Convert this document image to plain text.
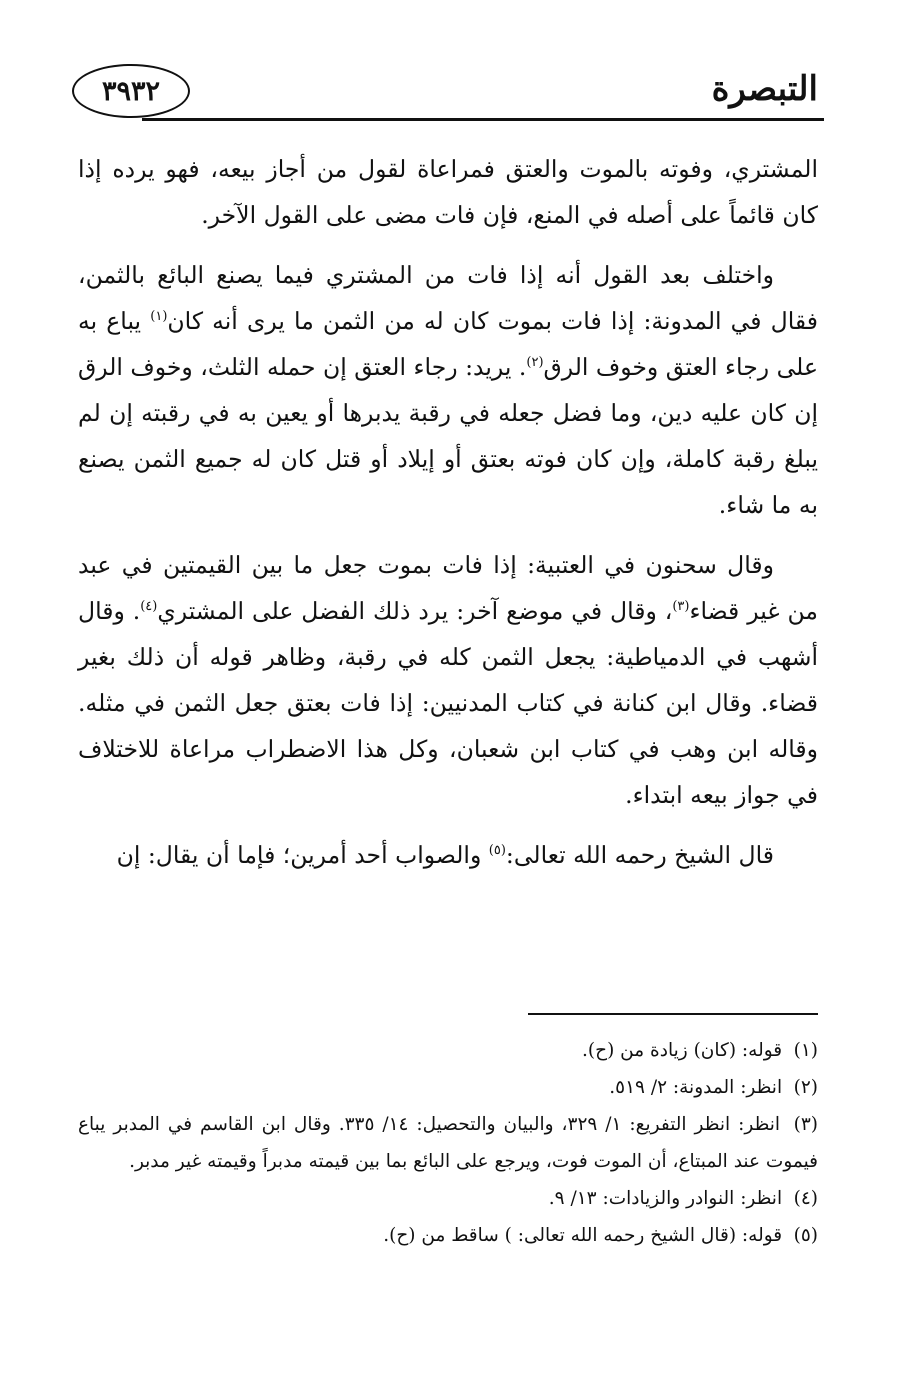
٣٩٣٢	التبصرة

المشتري، وفوته بالموت والعتق فمراعاة لقول من أجاز بيعه، فهو يرده إذا كان قائماً على أصله في المنع، فإن فات مضى على القول الآخر.

واختلف بعد القول أنه إذا فات من المشتري فيما يصنع البائع بالثمن، فقال في المدونة: إذا فات بموت كان له من الثمن ما يرى أنه كان$^{(١)}$ يباع به على رجاء العتق وخوف الرق$^{(٢)}$. يريد: رجاء العتق إن حمله الثلث، وخوف الرق إن كان عليه دين، وما فضل جعله في رقبة يدبرها أو يعين به في رقبته إن لم يبلغ رقبة كاملة، وإن كان فوته بعتق أو إيلاد أو قتل كان له جميع الثمن يصنع به ما شاء.

وقال سحنون في العتبية: إذا فات بموت جعل ما بين القيمتين في عبد من غير قضاء$^{(٣)}$، وقال في موضع آخر: يرد ذلك الفضل على المشتري$^{(٤)}$. وقال أشهب في الدمياطية: يجعل الثمن كله في رقبة، وظاهر قوله أن ذلك بغير قضاء. وقال ابن كنانة في كتاب المدنيين: إذا فات بعتق جعل الثمن في مثله. وقاله ابن وهب في كتاب ابن شعبان، وكل هذا الاضطراب مراعاة للاختلاف في جواز بيعه ابتداء.

قال الشيخ رحمه الله تعالى:$^{(٥)}$ والصواب أحد أمرين؛ فإما أن يقال: إن

(١) قوله: (كان) زيادة من (ح).

(٢) انظر: المدونة: ٢/ ٥١٩.

(٣) انظر: انظر التفريع: ١/ ٣٢٩، والبيان والتحصيل: ١٤/ ٣٣٥. وقال ابن القاسم في المدبر يباع فيموت عند المبتاع، أن الموت فوت، ويرجع على البائع بما بين قيمته مدبراً وقيمته غير مدبر.

(٤) انظر: النوادر والزيادات: ١٣/ ٩.

(٥) قوله: (قال الشيخ رحمه الله تعالى: ) ساقط من (ح).
